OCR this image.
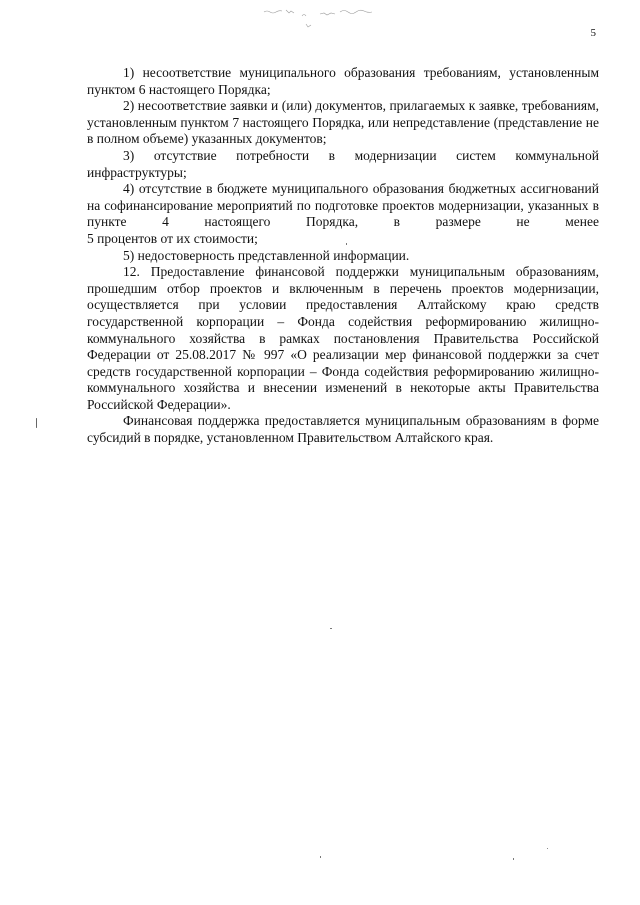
5

1) несоответствие муниципального образования требованиям, установленным пунктом 6 настоящего Порядка;

2) несоответствие заявки и (или) документов, прилагаемых к заявке, требованиям, установленным пунктом 7 настоящего Порядка, или непредставление (представление не в полном объеме) указанных документов;

3) отсутствие потребности в модернизации систем коммунальной инфраструктуры;

4) отсутствие в бюджете муниципального образования бюджетных ассигнований на софинансирование мероприятий по подготовке проектов модернизации, указанных в пункте 4 настоящего Порядка, в размере не менее

5 процентов от их стоимости;

5) недостоверность представленной информации.

12. Предоставление финансовой поддержки муниципальным образованиям, прошедшим отбор проектов и включенным в перечень проектов модернизации, осуществляется при условии предоставления Алтайскому краю средств государственной корпорации – Фонда содействия реформированию жилищно-коммунального хозяйства в рамках постановления Правительства Российской Федерации от 25.08.2017 № 997 «О реализации мер финансовой поддержки за счет средств государственной корпорации – Фонда содействия реформированию жилищно-коммунального хозяйства и внесении изменений в некоторые акты Правительства Российской Федерации».

Финансовая поддержка предоставляется муниципальным образованиям в форме субсидий в порядке, установленном Правительством Алтайского края.
